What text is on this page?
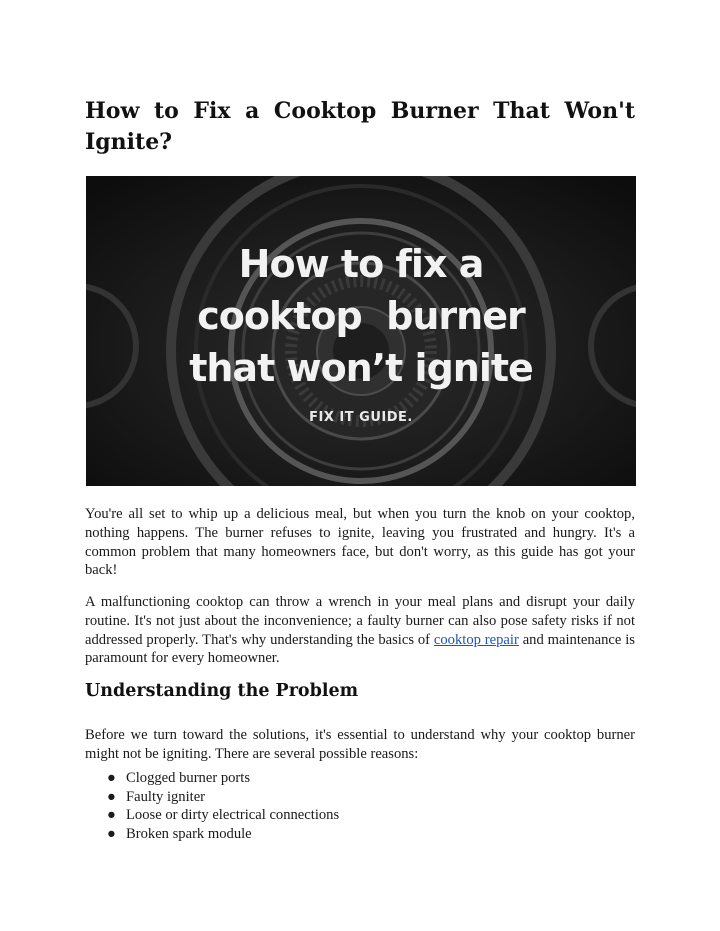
How to Fix a Cooktop Burner That Won't Ignite?
How to fix a
cooktop  burner
that won’t ignite
FIX IT GUIDE.

You're all set to whip up a delicious meal, but when you turn the knob on your cooktop, nothing happens. The burner refuses to ignite, leaving you frustrated and hungry. It's a common problem that many homeowners face, but don't worry, as this guide has got your back!

A malfunctioning cooktop can throw a wrench in your meal plans and disrupt your daily routine. It's not just about the inconvenience; a faulty burner can also pose safety risks if not addressed properly. That's why understanding the basics of cooktop repair and maintenance is paramount for every homeowner.

Understanding the Problem

Before we turn toward the solutions, it's essential to understand why your cooktop burner might not be igniting. There are several possible reasons:

● Clogged burner ports
● Faulty igniter
● Loose or dirty electrical connections
● Broken spark module
